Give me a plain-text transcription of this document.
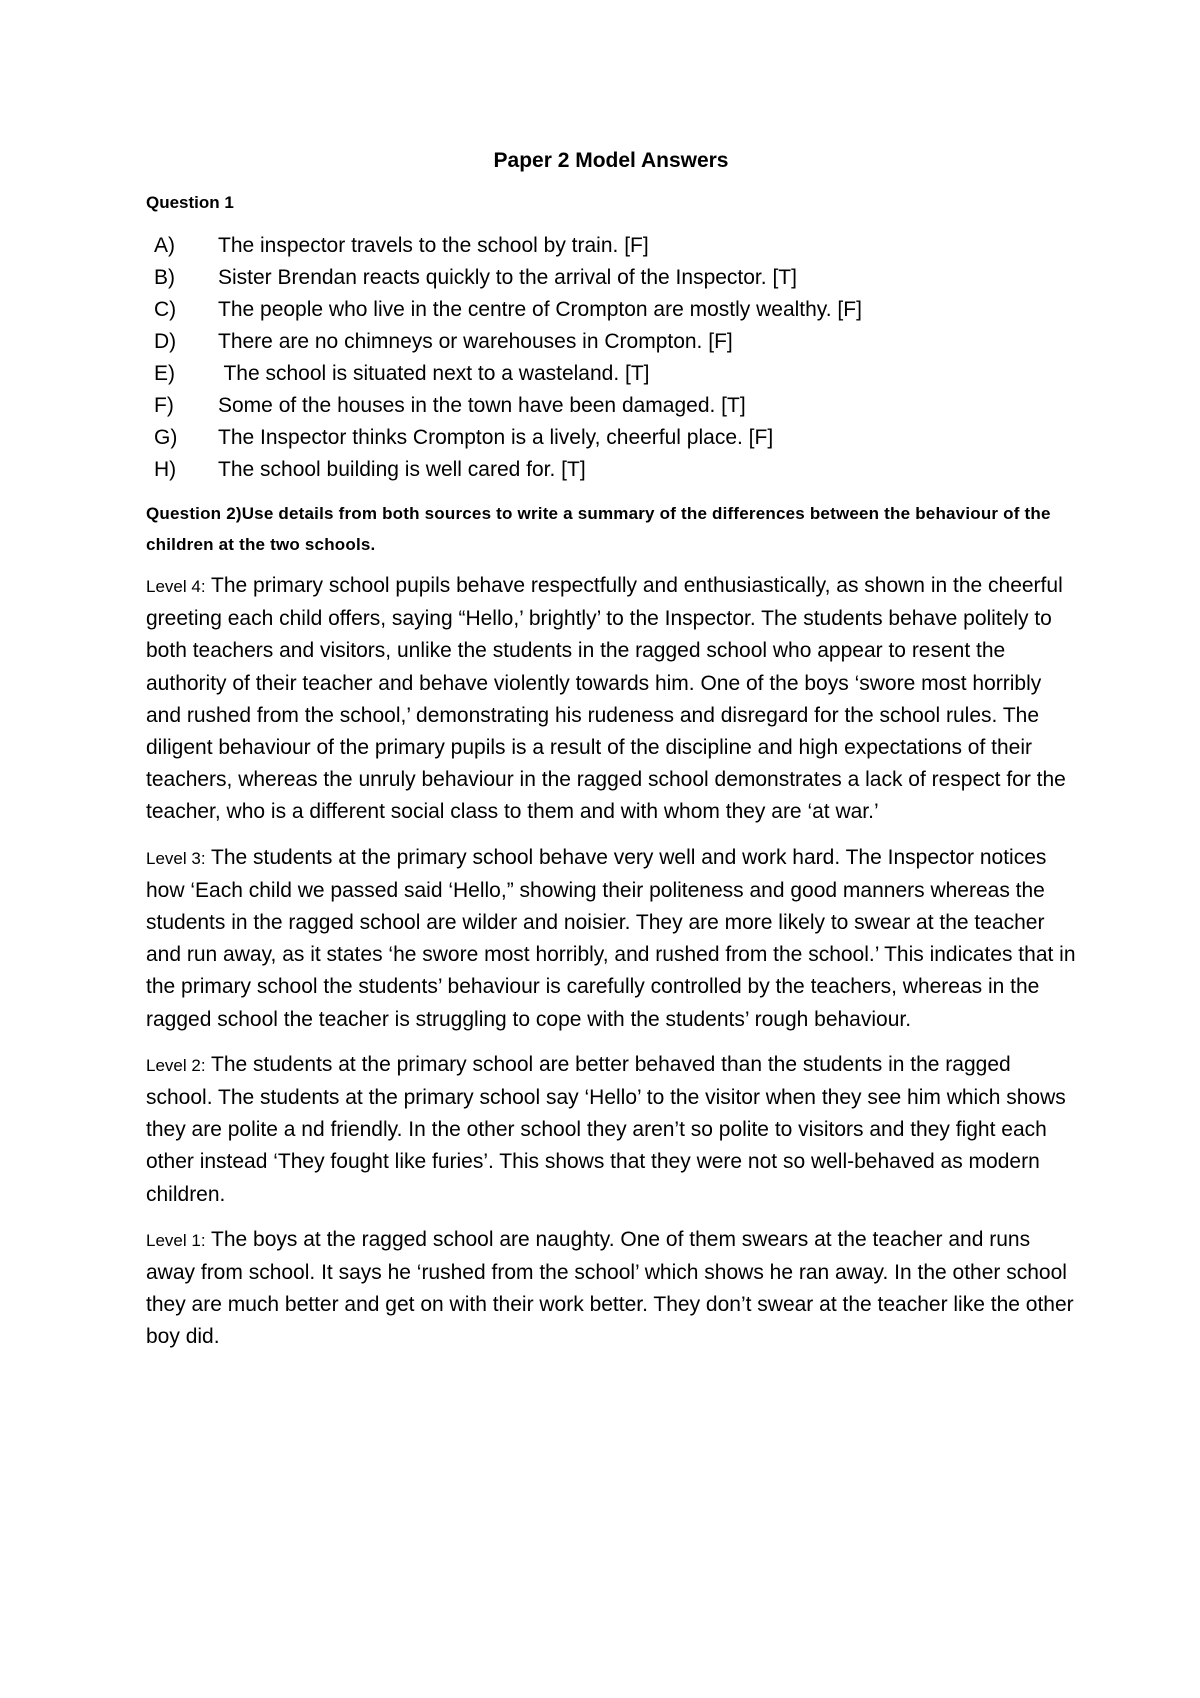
Paper 2 Model Answers
Question 1
A)	The inspector travels to the school by train. [F]
B)	Sister Brendan reacts quickly to the arrival of the Inspector. [T]
C)	The people who live in the centre of Crompton are mostly wealthy. [F]
D)	There are no chimneys or warehouses in Crompton. [F]
E)	The school is situated next to a wasteland. [T]
F)	Some of the houses in the town have been damaged. [T]
G)	The Inspector thinks Crompton is a lively, cheerful place. [F]
H)	The school building is well cared for. [T]
Question 2)Use details from both sources to write a summary of the differences between the behaviour of the children at the two schools.

Level 4: The primary school pupils behave respectfully and enthusiastically, as shown in the cheerful greeting each child offers, saying “Hello,’ brightly’ to the Inspector. The students behave politely to both teachers and visitors, unlike the students in the ragged school who appear to resent the authority of their teacher and behave violently towards him. One of the boys ‘swore most horribly and rushed from the school,’ demonstrating his rudeness and disregard for the school rules. The diligent behaviour of the primary pupils is a result of the discipline and high expectations of their teachers, whereas the unruly behaviour in the ragged school demonstrates a lack of respect for the teacher, who is a different social class to them and with whom they are ‘at war.’

Level 3: The students at the primary school behave very well and work hard. The Inspector notices how ‘Each child we passed said ‘Hello,” showing their politeness and good manners whereas the students in the ragged school are wilder and noisier. They are more likely to swear at the teacher and run away, as it states ‘he swore most horribly, and rushed from the school.’ This indicates that in the primary school the students’ behaviour is carefully controlled by the teachers, whereas in the ragged school the teacher is struggling to cope with the students’ rough behaviour.

Level 2: The students at the primary school are better behaved than the students in the ragged school. The students at the primary school say ‘Hello’ to the visitor when they see him which shows they are polite a nd friendly. In the other school they aren’t so polite to visitors and they fight each other instead ‘They fought like furies’. This shows that they were not so well-behaved as modern children.

Level 1: The boys at the ragged school are naughty. One of them swears at the teacher and runs away from school. It says he ‘rushed from the school’ which shows he ran away. In the other school they are much better and get on with their work better. They don’t swear at the teacher like the other boy did.
